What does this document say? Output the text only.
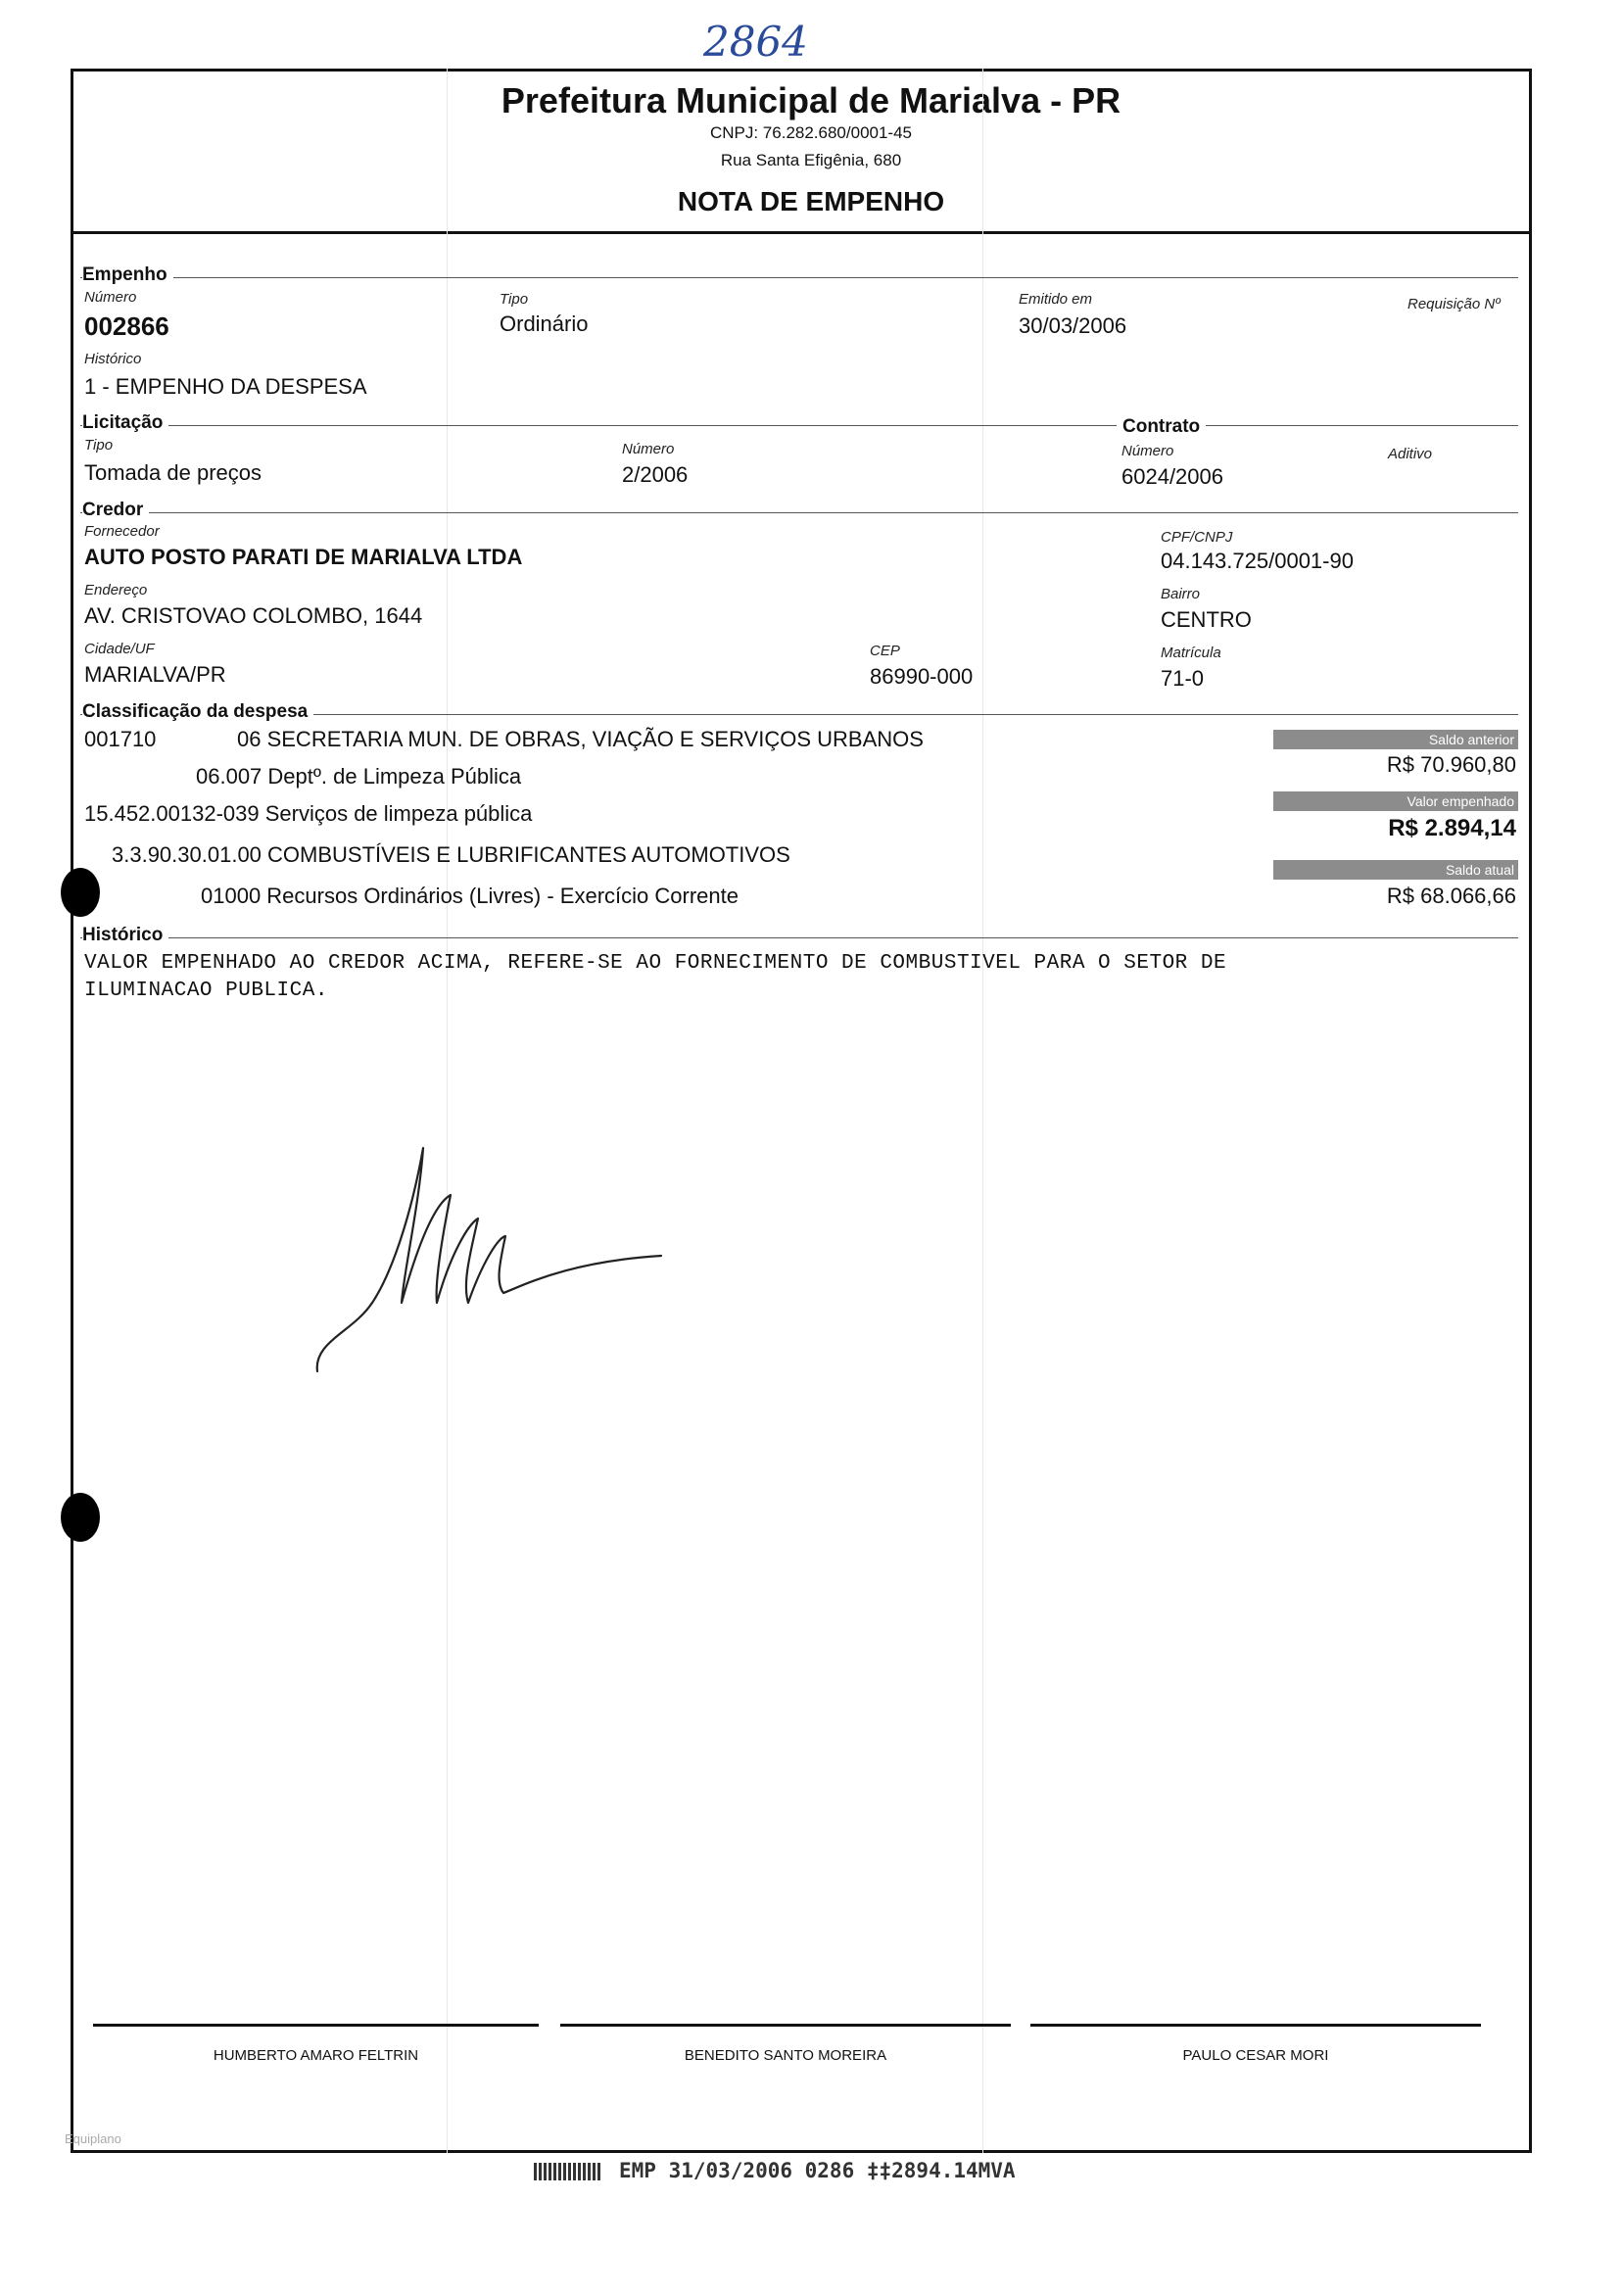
2864
Prefeitura Municipal de Marialva - PR
CNPJ: 76.282.680/0001-45
Rua Santa Efigênia, 680
NOTA DE EMPENHO
Empenho
Número
002866
Tipo
Ordinário
Emitido em
30/03/2006
Requisição Nº
Histórico
1 - EMPENHO DA DESPESA
Licitação	Contrato
Tipo
Tomada de preços
Número
2/2006
Número
6024/2006
Aditivo
Credor
Fornecedor
AUTO POSTO PARATI DE MARIALVA LTDA
CPF/CNPJ
04.143.725/0001-90
Endereço
AV. CRISTOVAO COLOMBO, 1644
Bairro
CENTRO
Cidade/UF
MARIALVA/PR
CEP
86990-000
Matrícula
71-0
Classificação da despesa
001710	06 SECRETARIA MUN. DE OBRAS, VIAÇÃO E SERVIÇOS URBANOS
06.007 Deptº. de Limpeza Pública
15.452.00132-039 Serviços de limpeza pública
3.3.90.30.01.00 COMBUSTÍVEIS E LUBRIFICANTES AUTOMOTIVOS
01000 Recursos Ordinários (Livres) - Exercício Corrente
Saldo anterior
R$ 70.960,80
Valor empenhado
R$ 2.894,14
Saldo atual
R$ 68.066,66
Histórico
VALOR EMPENHADO AO CREDOR ACIMA, REFERE-SE AO FORNECIMENTO DE COMBUSTIVEL PARA O SETOR DE
ILUMINACAO PUBLICA.
HUMBERTO AMARO FELTRIN	BENEDITO SANTO MOREIRA	PAULO CESAR MORI
Equiplano
EMP 31/03/2006 0286 ‡‡2894.14MVA
